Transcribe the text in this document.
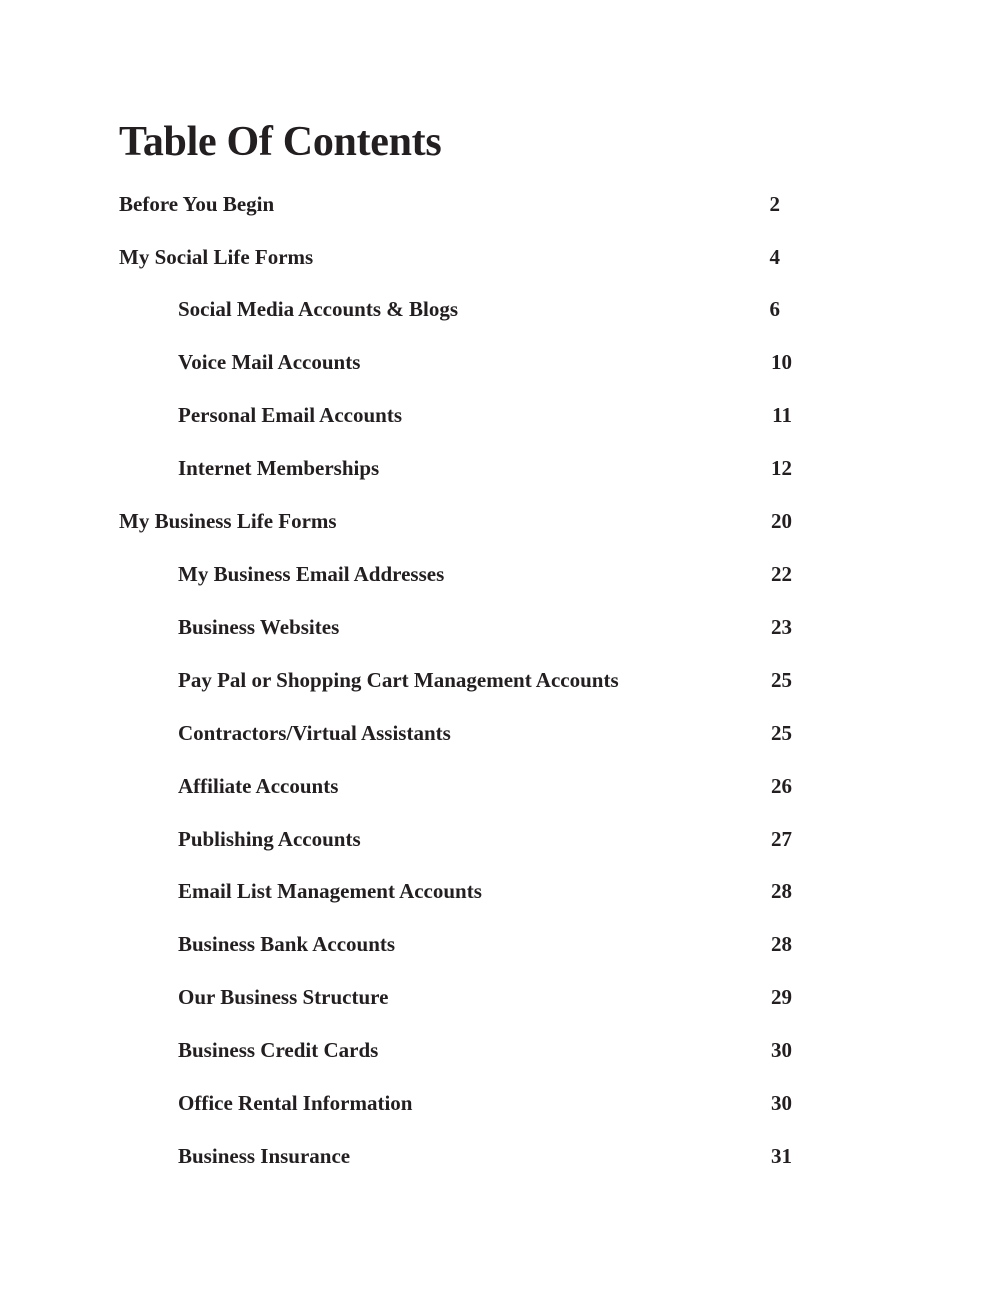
Table Of Contents
Before You Begin	2
My Social Life Forms	4
Social Media Accounts & Blogs	6
Voice Mail Accounts	10
Personal Email Accounts	11
Internet Memberships	12
My Business Life Forms	20
My Business Email Addresses	22
Business Websites	23
Pay Pal or Shopping Cart Management Accounts	25
Contractors/Virtual Assistants	25
Affiliate Accounts	26
Publishing Accounts	27
Email List Management Accounts	28
Business Bank Accounts	28
Our Business Structure	29
Business Credit Cards	30
Office Rental Information	30
Business Insurance	31
